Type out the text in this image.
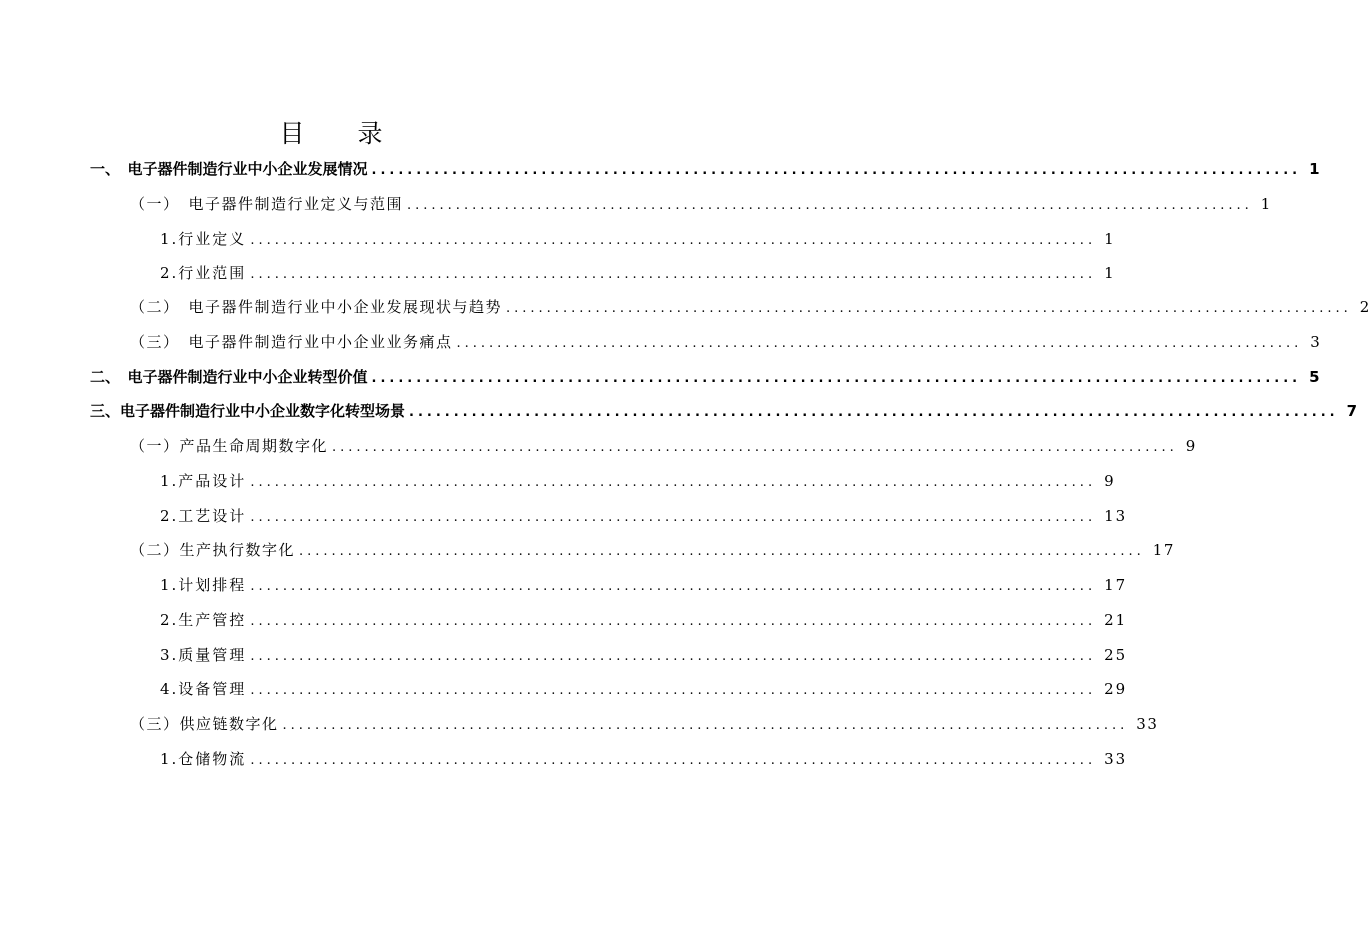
目　录
一、　电子器件制造行业中小企业发展情况 ........................................................................................................ 1
（一）　电子器件制造行业定义与范围 ........................................................................................................ 1
1.行业定义 ........................................................................................................ 1
2.行业范围 ........................................................................................................ 1
（二）　电子器件制造行业中小企业发展现状与趋势 ........................................................................................................ 2
（三）　电子器件制造行业中小企业业务痛点 ........................................................................................................ 3
二、　电子器件制造行业中小企业转型价值 ........................................................................................................ 5
三、电子器件制造行业中小企业数字化转型场景 ........................................................................................................ 7
（一）产品生命周期数字化 ........................................................................................................ 9
1.产品设计 ........................................................................................................ 9
2.工艺设计 ........................................................................................................ 13
（二）生产执行数字化 ........................................................................................................ 17
1.计划排程 ........................................................................................................ 17
2.生产管控 ........................................................................................................ 21
3.质量管理 ........................................................................................................ 25
4.设备管理 ........................................................................................................ 29
（三）供应链数字化 ........................................................................................................ 33
1.仓储物流 ........................................................................................................ 33
